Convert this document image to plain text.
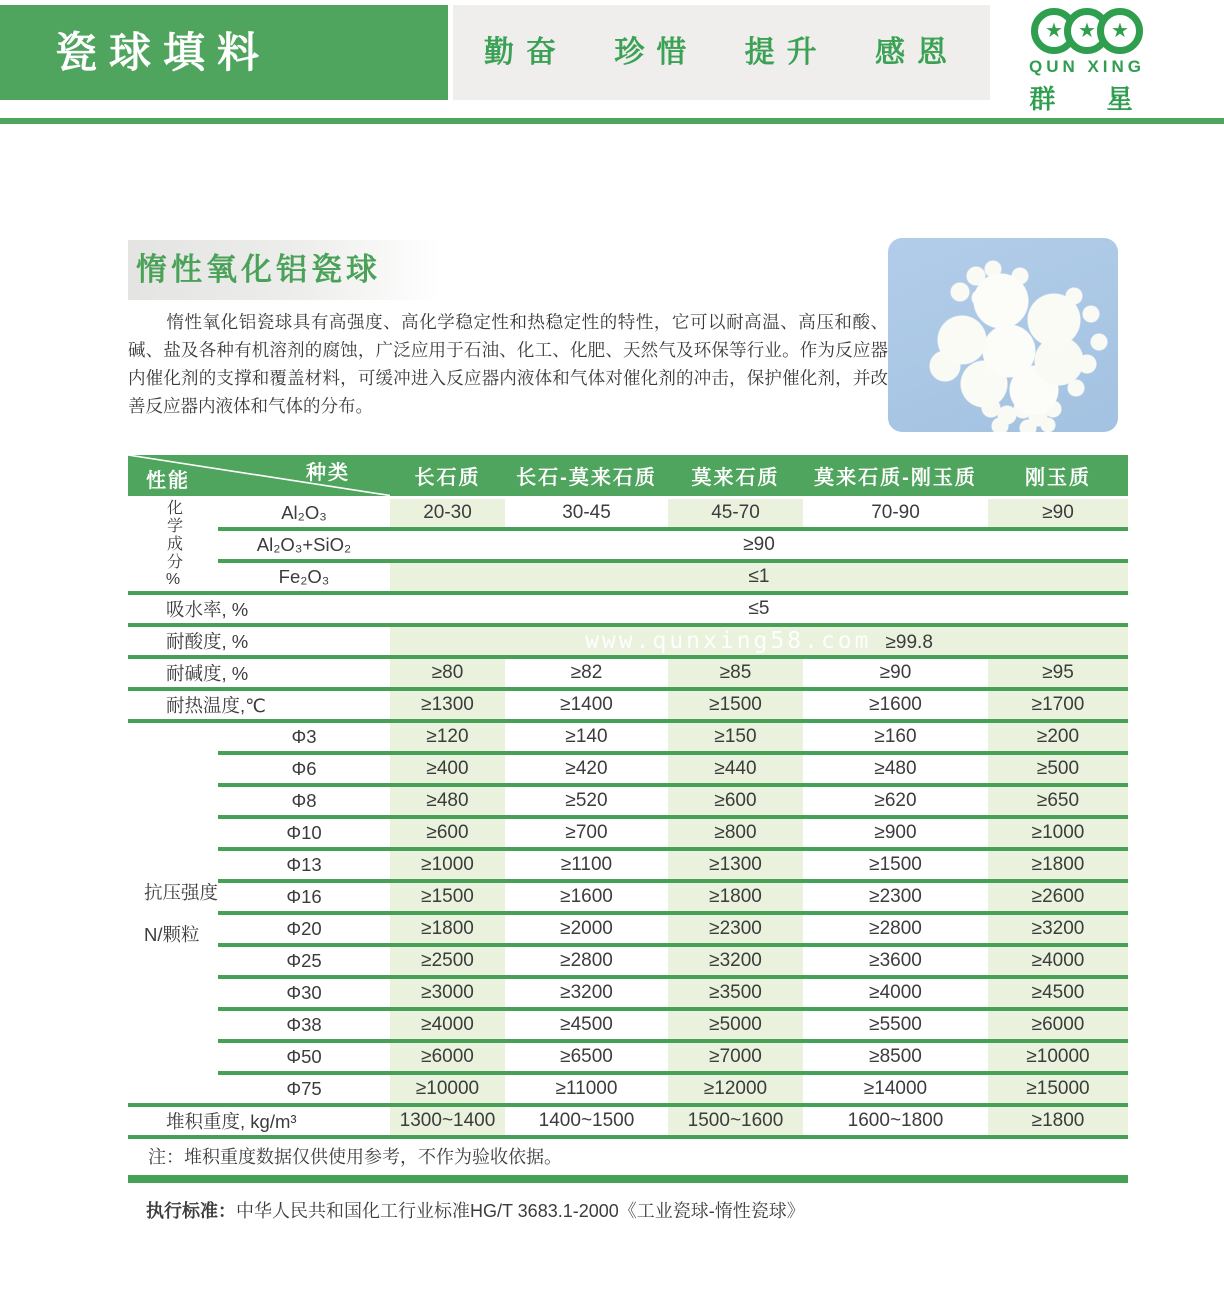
瓷球填料	勤奋 珍惜 提升 感恩
★ ★ ★
QUN XING
群 星
惰性氧化铝瓷球
惰性氧化铝瓷球具有高强度、高化学稳定性和热稳定性的特性，它可以耐高温、高压和酸、碱、盐及各种有机溶剂的腐蚀，广泛应用于石油、化工、化肥、天然气及环保等行业。作为反应器内催化剂的支撑和覆盖材料，可缓冲进入反应器内液体和气体对催化剂的冲击，保护催化剂，并改善反应器内液体和气体的分布。
种类
性能		长石质	长石-莫来石质	莫来石质	莫来石质-刚玉质	刚玉质

化学成分%	Al₂O₃	20-30	30-45	45-70	70-90	≥90
	Al₂O₃+SiO₂	≥90				
	Fe₂O₃	≤1				
吸水率, %		≤5				
耐酸度, %		www.qunxing58.com ≥99.8				
耐碱度, %		≥80	≥82	≥85	≥90	≥95
耐热温度,℃		≥1300	≥1400	≥1500	≥1600	≥1700

抗压强度
N/颗粒	Φ3	≥120	≥140	≥150	≥160	≥200
	Φ6	≥400	≥420	≥440	≥480	≥500
	Φ8	≥480	≥520	≥600	≥620	≥650
	Φ10	≥600	≥700	≥800	≥900	≥1000
	Φ13	≥1000	≥1100	≥1300	≥1500	≥1800
	Φ16	≥1500	≥1600	≥1800	≥2300	≥2600
	Φ20	≥1800	≥2000	≥2300	≥2800	≥3200
	Φ25	≥2500	≥2800	≥3200	≥3600	≥4000
	Φ30	≥3000	≥3200	≥3500	≥4000	≥4500
	Φ38	≥4000	≥4500	≥5000	≥5500	≥6000
	Φ50	≥6000	≥6500	≥7000	≥8500	≥10000
	Φ75	≥10000	≥11000	≥12000	≥14000	≥15000
堆积重度, kg/m³		1300~1400	1400~1500	1500~1600	1600~1800	≥1800
注：堆积重度数据仅供使用参考，不作为验收依据。
执行标准：中华人民共和国化工行业标准HG/T 3683.1-2000《工业瓷球-惰性瓷球》
